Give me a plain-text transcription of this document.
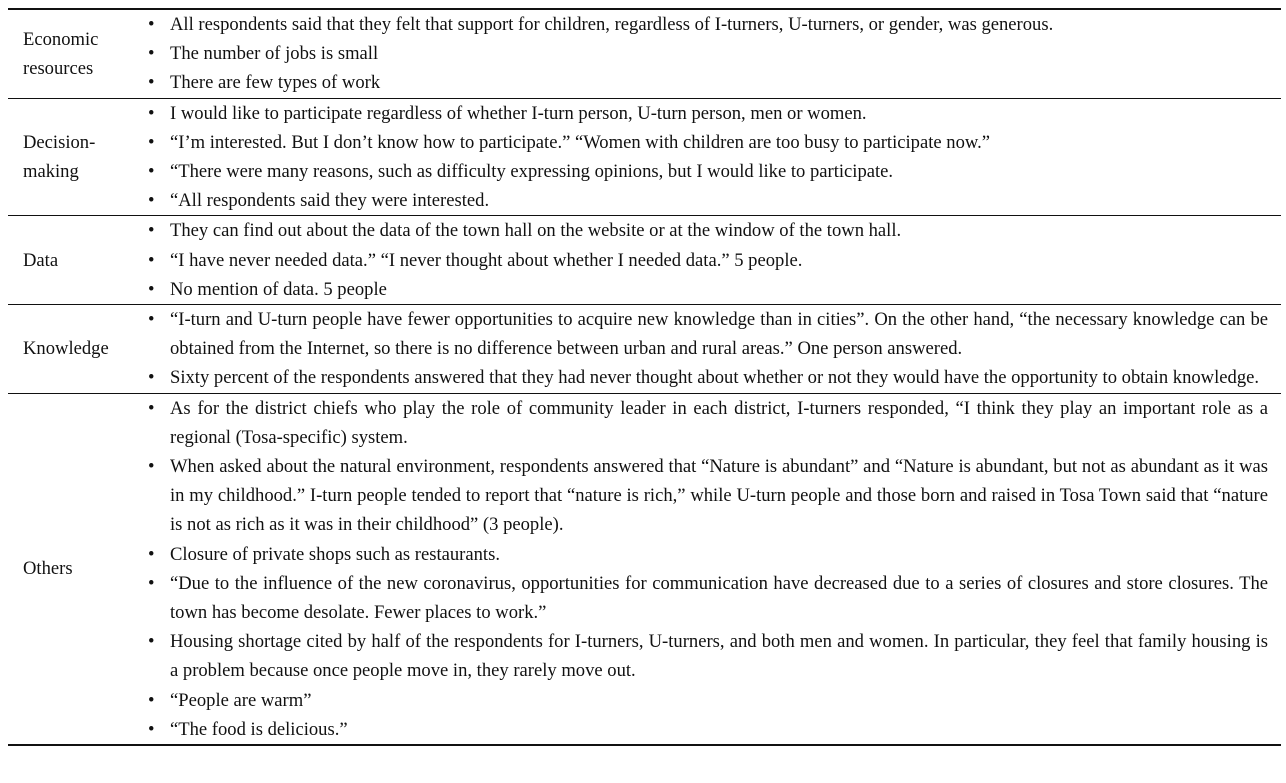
Economic resources
• All respondents said that they felt that support for children, regardless of I-turners, U-turners, or gender, was generous.
• The number of jobs is small
• There are few types of work
Decision-making
• I would like to participate regardless of whether I-turn person, U-turn person, men or women.
• “I’m interested. But I don’t know how to participate.” “Women with children are too busy to participate now.”
• “There were many reasons, such as difficulty expressing opinions, but I would like to participate.
• “All respondents said they were interested.
Data
• They can find out about the data of the town hall on the website or at the window of the town hall.
• “I have never needed data.” “I never thought about whether I needed data.” 5 people.
• No mention of data. 5 people
Knowledge
• “I-turn and U-turn people have fewer opportunities to acquire new knowledge than in cities”. On the other hand, “the necessary knowledge can be obtained from the Internet, so there is no difference between urban and rural areas.” One person answered.
• Sixty percent of the respondents answered that they had never thought about whether or not they would have the opportunity to obtain knowledge.
Others
• As for the district chiefs who play the role of community leader in each district, I-turners responded, “I think they play an important role as a regional (Tosa-specific) system.
• When asked about the natural environment, respondents answered that “Nature is abundant” and “Nature is abundant, but not as abundant as it was in my childhood.” I-turn people tended to report that “nature is rich,” while U-turn people and those born and raised in Tosa Town said that “nature is not as rich as it was in their childhood” (3 people).
• Closure of private shops such as restaurants.
• “Due to the influence of the new coronavirus, opportunities for communication have decreased due to a series of closures and store closures. The town has become desolate. Fewer places to work.”
• Housing shortage cited by half of the respondents for I-turners, U-turners, and both men and women. In particular, they feel that family housing is a problem because once people move in, they rarely move out.
• “People are warm”
• “The food is delicious.”
